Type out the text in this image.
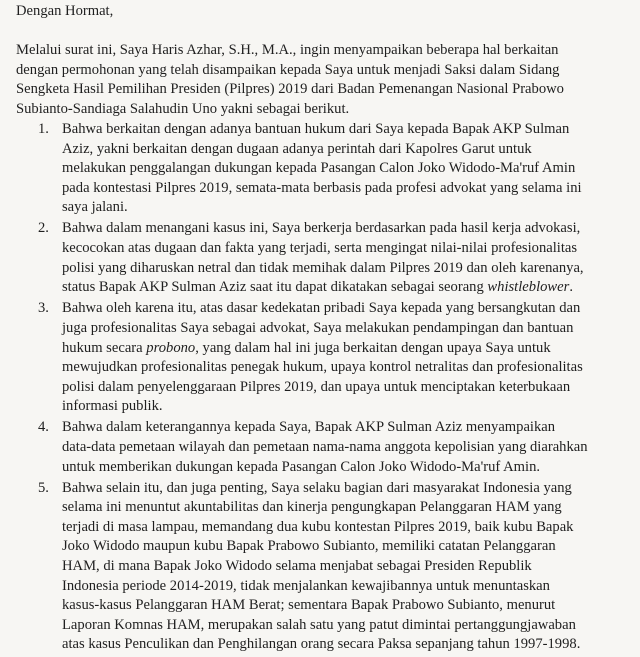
Dengan Hormat,
Melalui surat ini, Saya Haris Azhar, S.H., M.A., ingin menyampaikan beberapa hal berkaitan
dengan permohonan yang telah disampaikan kepada Saya untuk menjadi Saksi dalam Sidang
Sengketa Hasil Pemilihan Presiden (Pilpres) 2019 dari Badan Pemenangan Nasional Prabowo
Subianto-Sandiaga Salahudin Uno yakni sebagai berikut.
1. Bahwa berkaitan dengan adanya bantuan hukum dari Saya kepada Bapak AKP Sulman
Aziz, yakni berkaitan dengan dugaan adanya perintah dari Kapolres Garut untuk
melakukan penggalangan dukungan kepada Pasangan Calon Joko Widodo-Ma'ruf Amin
pada kontestasi Pilpres 2019, semata-mata berbasis pada profesi advokat yang selama ini
saya jalani.
2. Bahwa dalam menangani kasus ini, Saya berkerja berdasarkan pada hasil kerja advokasi,
kecocokan atas dugaan dan fakta yang terjadi, serta mengingat nilai-nilai profesionalitas
polisi yang diharuskan netral dan tidak memihak dalam Pilpres 2019 dan oleh karenanya,
status Bapak AKP Sulman Aziz saat itu dapat dikatakan sebagai seorang whistleblower.
3. Bahwa oleh karena itu, atas dasar kedekatan pribadi Saya kepada yang bersangkutan dan
juga profesionalitas Saya sebagai advokat, Saya melakukan pendampingan dan bantuan
hukum secara probono, yang dalam hal ini juga berkaitan dengan upaya Saya untuk
mewujudkan profesionalitas penegak hukum, upaya kontrol netralitas dan profesionalitas
polisi dalam penyelenggaraan Pilpres 2019, dan upaya untuk menciptakan keterbukaan
informasi publik.
4. Bahwa dalam keterangannya kepada Saya, Bapak AKP Sulman Aziz menyampaikan
data-data pemetaan wilayah dan pemetaan nama-nama anggota kepolisian yang diarahkan
untuk memberikan dukungan kepada Pasangan Calon Joko Widodo-Ma'ruf Amin.
5. Bahwa selain itu, dan juga penting, Saya selaku bagian dari masyarakat Indonesia yang
selama ini menuntut akuntabilitas dan kinerja pengungkapan Pelanggaran HAM yang
terjadi di masa lampau, memandang dua kubu kontestan Pilpres 2019, baik kubu Bapak
Joko Widodo maupun kubu Bapak Prabowo Subianto, memiliki catatan Pelanggaran
HAM, di mana Bapak Joko Widodo selama menjabat sebagai Presiden Republik
Indonesia periode 2014-2019, tidak menjalankan kewajibannya untuk menuntaskan
kasus-kasus Pelanggaran HAM Berat; sementara Bapak Prabowo Subianto, menurut
Laporan Komnas HAM, merupakan salah satu yang patut dimintai pertanggungjawaban
atas kasus Penculikan dan Penghilangan orang secara Paksa sepanjang tahun 1997-1998.
